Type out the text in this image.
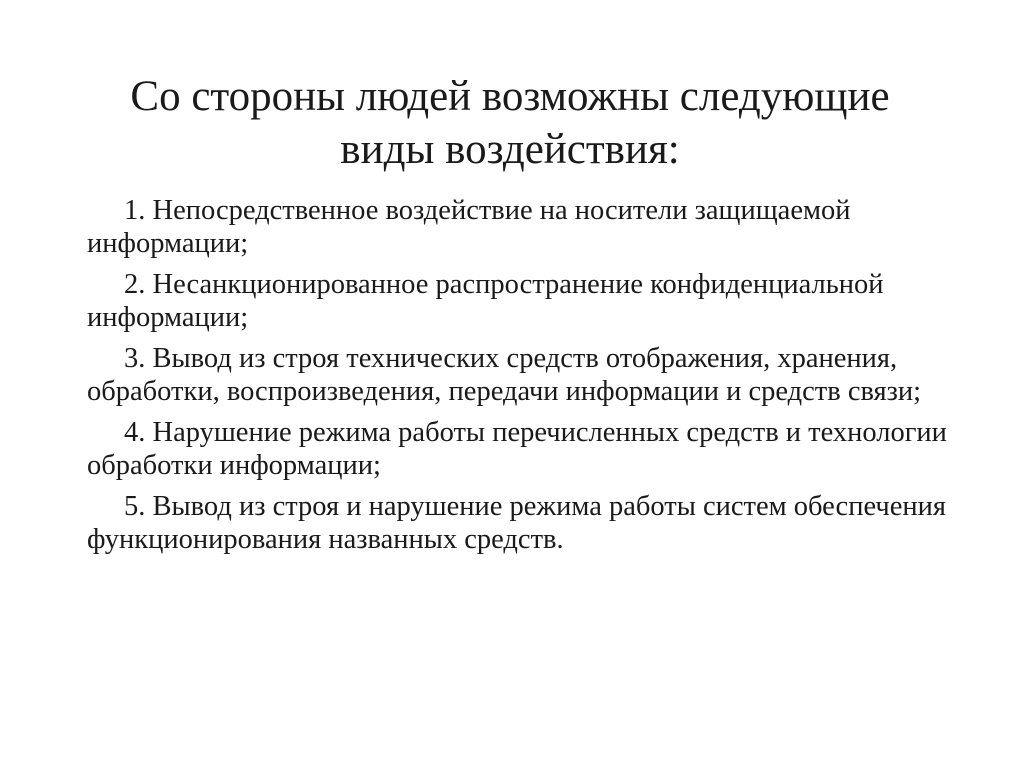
Со стороны людей возможны следующие
виды воздействия:
1. Непосредственное воздействие на носители защищаемой информации;
2. Несанкционированное распространение конфиденциальной информации;
3. Вывод из строя технических средств отображения, хранения, обработки, воспроизведения, передачи информации и средств связи;
4. Нарушение режима работы перечисленных средств и технологии обработки информации;
5. Вывод из строя и нарушение режима работы систем обеспечения функционирования названных средств.
